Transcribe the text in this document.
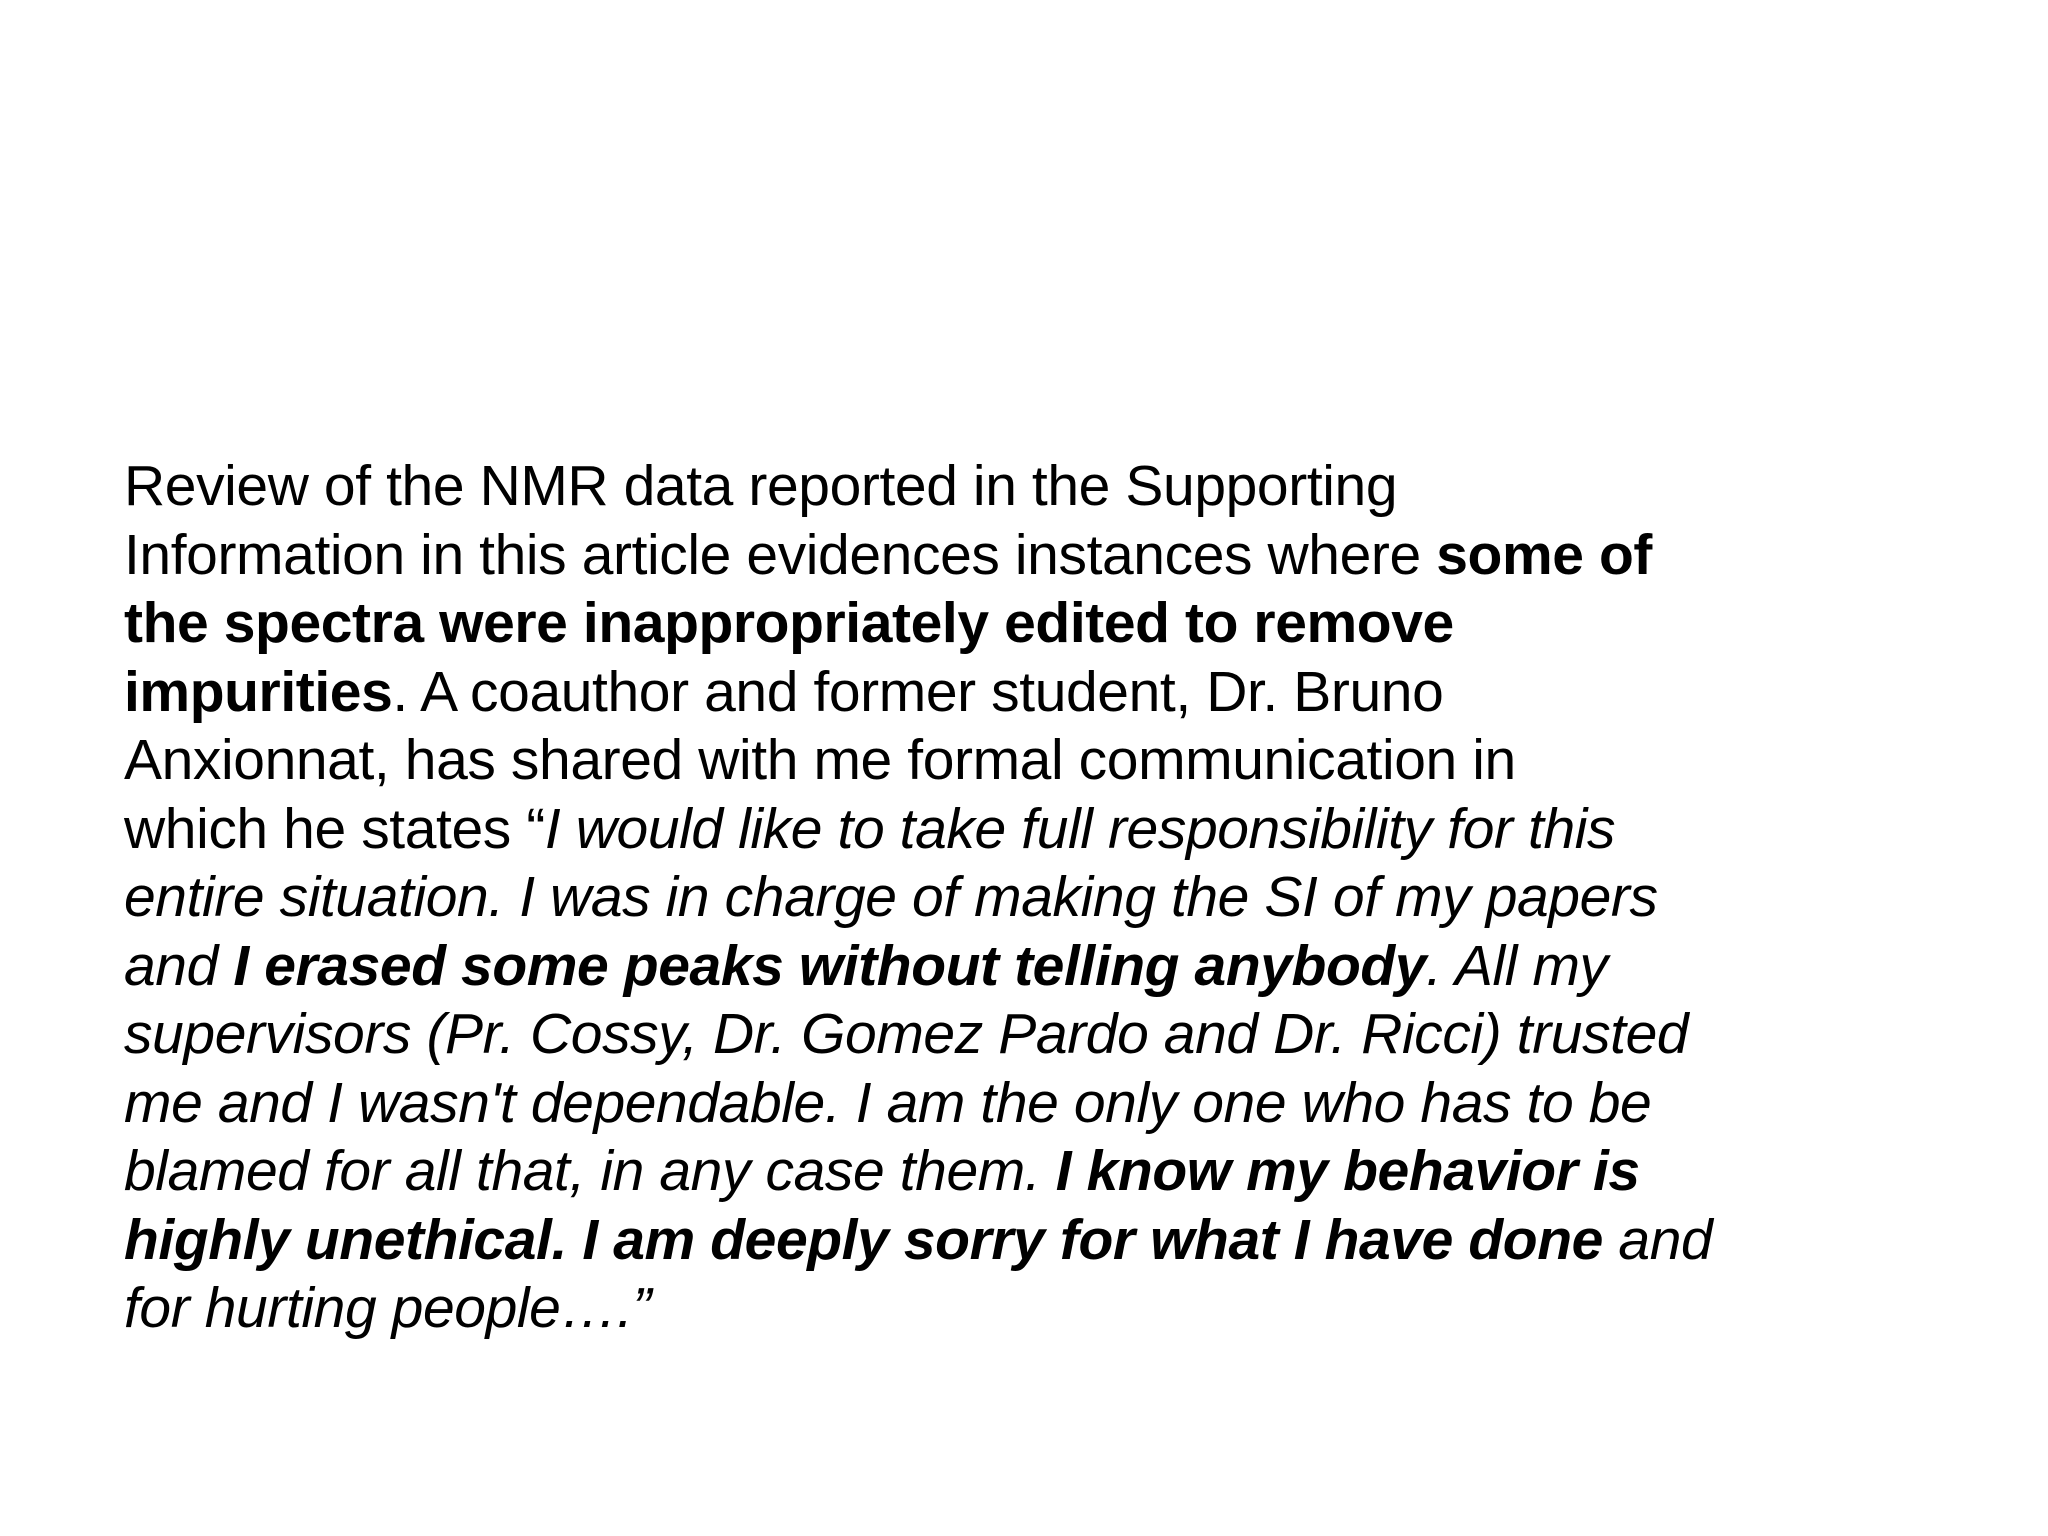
Review of the NMR data reported in the Supporting
Information in this article evidences instances where some of
the spectra were inappropriately edited to remove
impurities. A coauthor and former student, Dr. Bruno
Anxionnat, has shared with me formal communication in
which he states “I would like to take full responsibility for this
entire situation. I was in charge of making the SI of my papers
and I erased some peaks without telling anybody. All my
supervisors (Pr. Cossy, Dr. Gomez Pardo and Dr. Ricci) trusted
me and I wasn't dependable. I am the only one who has to be
blamed for all that, in any case them. I know my behavior is
highly unethical. I am deeply sorry for what I have done and
for hurting people….”
